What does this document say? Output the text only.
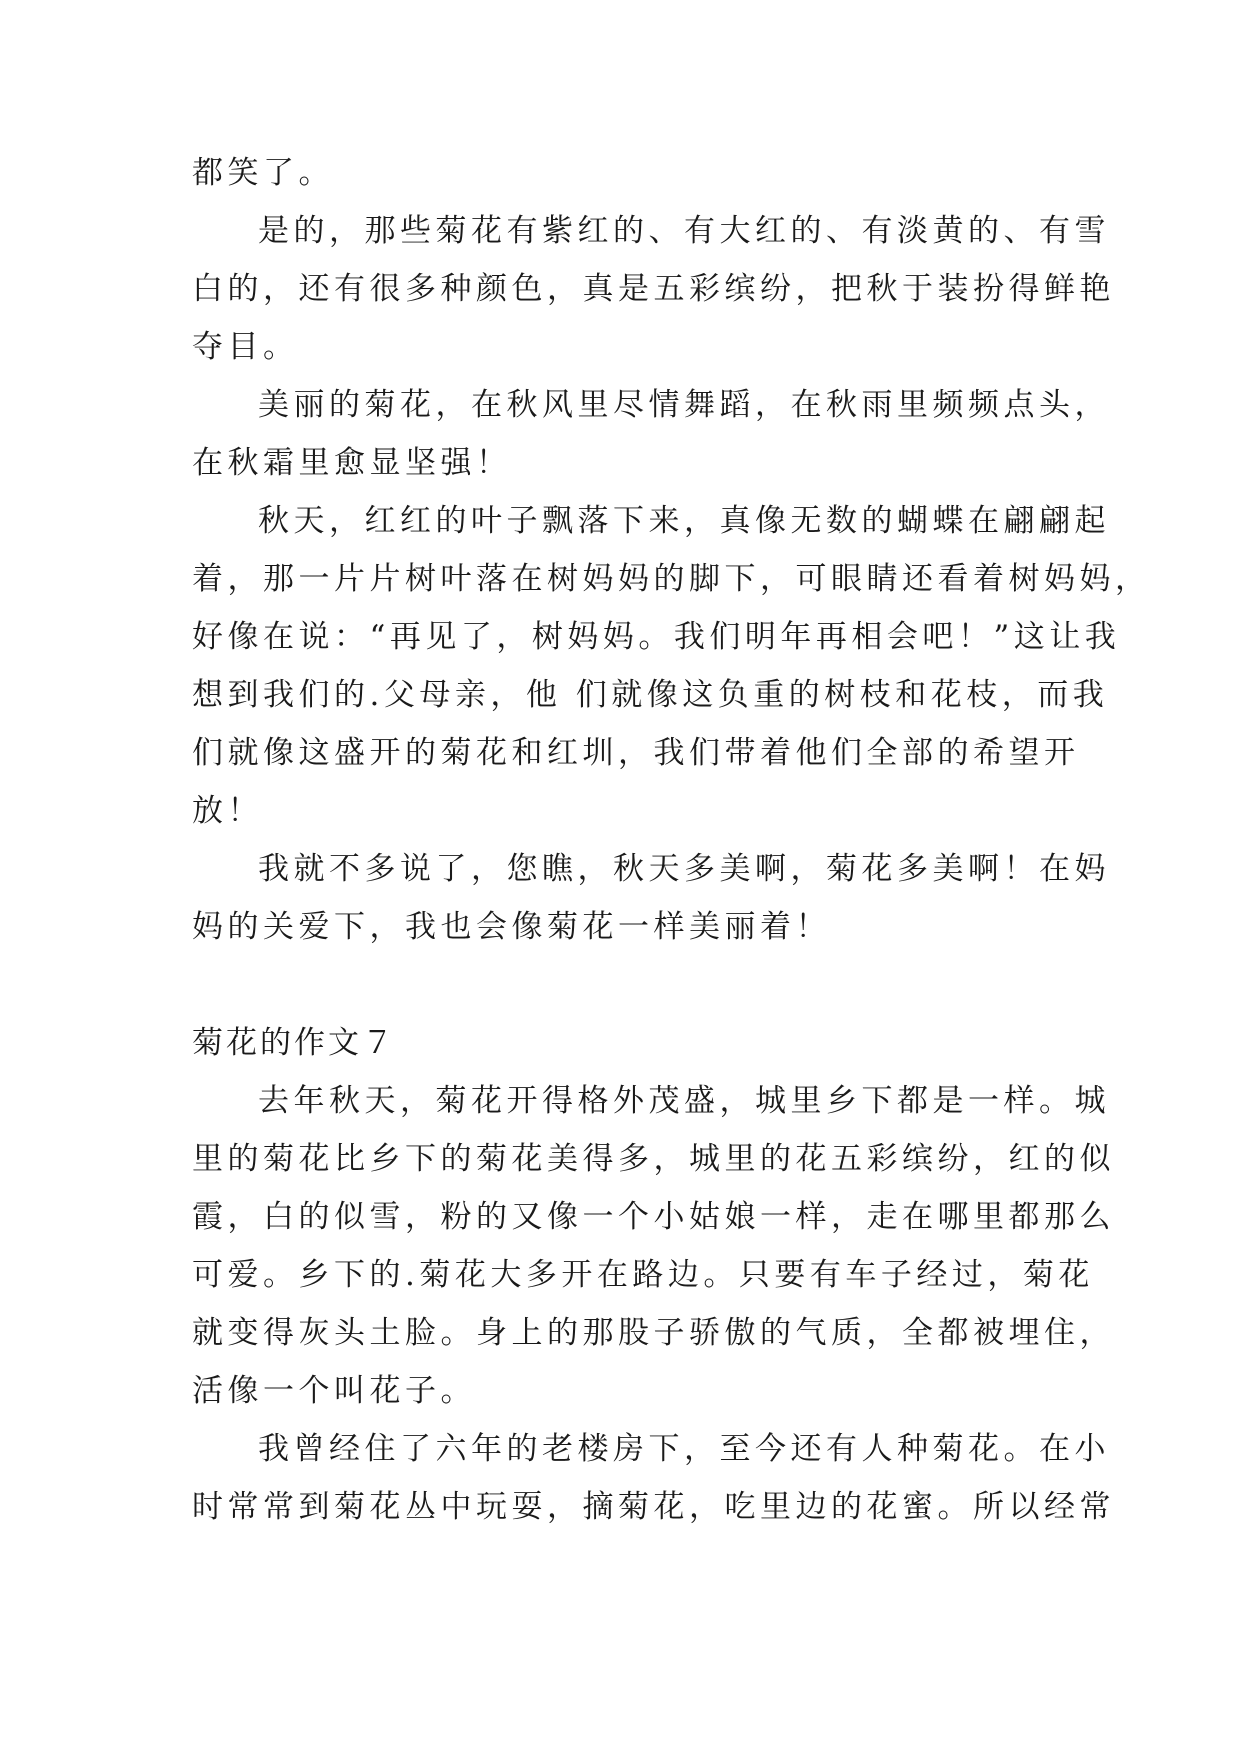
都笑了。
是的，那些菊花有紫红的、有大红的、有淡黄的、有雪
白的，还有很多种颜色，真是五彩缤纷，把秋于装扮得鲜艳
夺目。
美丽的菊花，在秋风里尽情舞蹈，在秋雨里频频点头，
在秋霜里愈显坚强！
秋天，红红的叶子飘落下来，真像无数的蝴蝶在翩翩起
着，那一片片树叶落在树妈妈的脚下，可眼睛还看着树妈妈，
好像在说：“再见了，树妈妈。我们明年再相会吧！”这让我
想到我们的.父母亲，他 们就像这负重的树枝和花枝，而我
们就像这盛开的菊花和红圳，我们带着他们全部的希望开
放！
我就不多说了，您瞧，秋天多美啊，菊花多美啊！在妈
妈的关爱下，我也会像菊花一样美丽着！
菊花的作文７
去年秋天，菊花开得格外茂盛，城里乡下都是一样。城
里的菊花比乡下的菊花美得多，城里的花五彩缤纷，红的似
霞，白的似雪，粉的又像一个小姑娘一样，走在哪里都那么
可爱。乡下的.菊花大多开在路边。只要有车子经过，菊花
就变得灰头土脸。身上的那股子骄傲的气质，全都被埋住，
活像一个叫花子。
我曾经住了六年的老楼房下，至今还有人种菊花。在小
时常常到菊花丛中玩耍，摘菊花，吃里边的花蜜。所以经常
